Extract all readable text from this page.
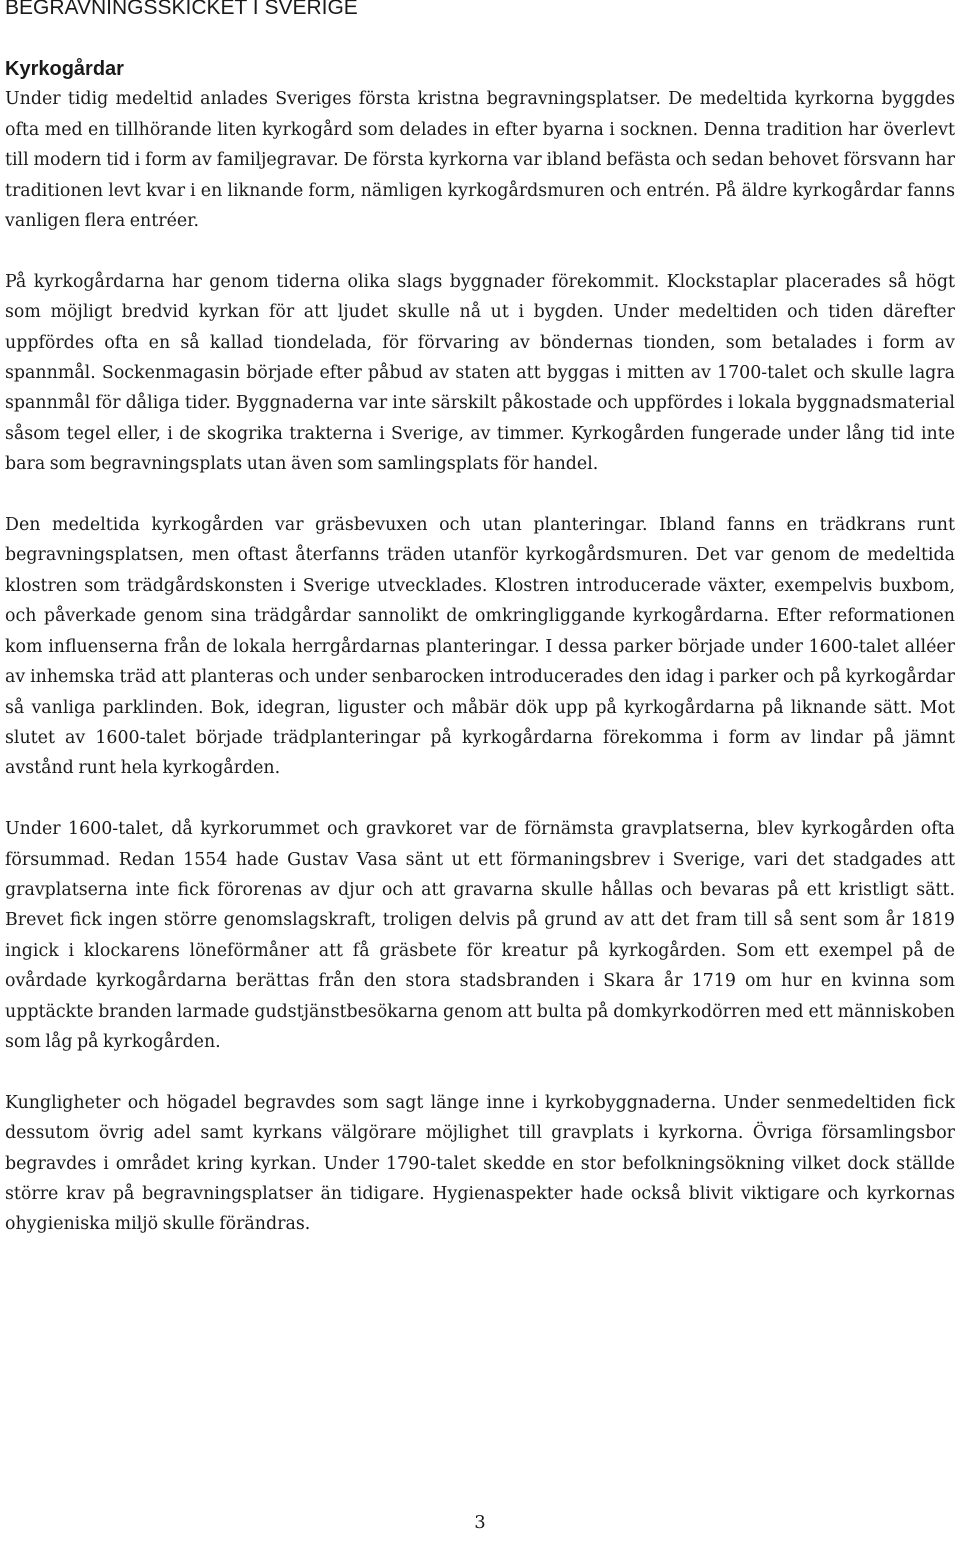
BEGRAVNINGSSKICKET I SVERIGE
Kyrkogårdar

Under tidig medeltid anlades Sveriges första kristna begravningsplatser. De medeltida kyrkorna byggdes ofta med en tillhörande liten kyrkogård som delades in efter byarna i socknen. Denna tradition har överlevt till modern tid i form av familjegravar. De första kyrkorna var ibland befästa och sedan behovet försvann har traditionen levt kvar i en liknande form, nämligen kyrkogårdsmuren och entrén. På äldre kyrkogårdar fanns vanligen flera entréer.

På kyrkogårdarna har genom tiderna olika slags byggnader förekommit. Klockstaplar placerades så högt som möjligt bredvid kyrkan för att ljudet skulle nå ut i bygden. Under medeltiden och tiden därefter uppfördes ofta en så kallad tiondelada, för förvaring av böndernas tionden, som betalades i form av spannmål. Sockenmagasin började efter påbud av staten att byggas i mitten av 1700-talet och skulle lagra spannmål för dåliga tider. Byggnaderna var inte särskilt påkostade och uppfördes i lokala byggnadsmaterial såsom tegel eller, i de skogrika trakterna i Sverige, av timmer. Kyrkogården fungerade under lång tid inte bara som begravningsplats utan även som samlingsplats för handel.

Den medeltida kyrkogården var gräsbevuxen och utan planteringar. Ibland fanns en trädkrans runt begravningsplatsen, men oftast återfanns träden utanför kyrkogårdsmuren. Det var genom de medeltida klostren som trädgårdskonsten i Sverige utvecklades. Klostren introducerade växter, exempelvis buxbom, och påverkade genom sina trädgårdar sannolikt de omkringliggande kyrkogårdarna. Efter reformationen kom influenserna från de lokala herrgårdarnas planteringar. I dessa parker började under 1600-talet alléer av inhemska träd att planteras och under senbarocken introducerades den idag i parker och på kyrkogårdar så vanliga parklinden. Bok, idegran, liguster och måbär dök upp på kyrkogårdarna på liknande sätt. Mot slutet av 1600-talet började trädplanteringar på kyrkogårdarna förekomma i form av lindar på jämnt avstånd runt hela kyrkogården.

Under 1600-talet, då kyrkorummet och gravkoret var de förnämsta gravplatserna, blev kyrkogården ofta försummad. Redan 1554 hade Gustav Vasa sänt ut ett förmaningsbrev i Sverige, vari det stadgades att gravplatserna inte fick förorenas av djur och att gravarna skulle hållas och bevaras på ett kristligt sätt. Brevet fick ingen större genomslagskraft, troligen delvis på grund av att det fram till så sent som år 1819 ingick i klockarens löneförmåner att få gräsbete för kreatur på kyrkogården. Som ett exempel på de ovårdade kyrkogårdarna berättas från den stora stadsbranden i Skara år 1719 om hur en kvinna som upptäckte branden larmade gudstjänstbesökarna genom att bulta på domkyrkodörren med ett människoben som låg på kyrkogården.

Kungligheter och högadel begravdes som sagt länge inne i kyrkobyggnaderna. Under senmedeltiden fick dessutom övrig adel samt kyrkans välgörare möjlighet till gravplats i kyrkorna. Övriga församlingsbor begravdes i området kring kyrkan. Under 1790-talet skedde en stor befolkningsökning vilket dock ställde större krav på begravningsplatser än tidigare. Hygienaspekter hade också blivit viktigare och kyrkornas ohygieniska miljö skulle förändras.

3
